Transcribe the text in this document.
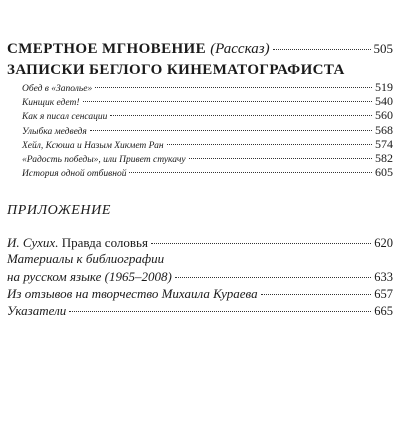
СМЕРТНОЕ МГНОВЕНИЕ (Рассказ)	505
ЗАПИСКИ БЕГЛОГО КИНЕМАТОГРАФИСТА
Обед в «Заполье»	519
Кинщик едет!	540
Как я писал сенсации	560
Улыбка медведя	568
Хейл, Ксюша и Назым Хикмет Ран	574
«Радость победы», или Привет стукачу	582
История одной отбивной	605
ПРИЛОЖЕНИЕ
И. Сухих. Правда соловья	620
Материалы к библиографии
на русском языке (1965–2008)	633
Из отзывов на творчество Михаила Кураева	657
Указатели	665
